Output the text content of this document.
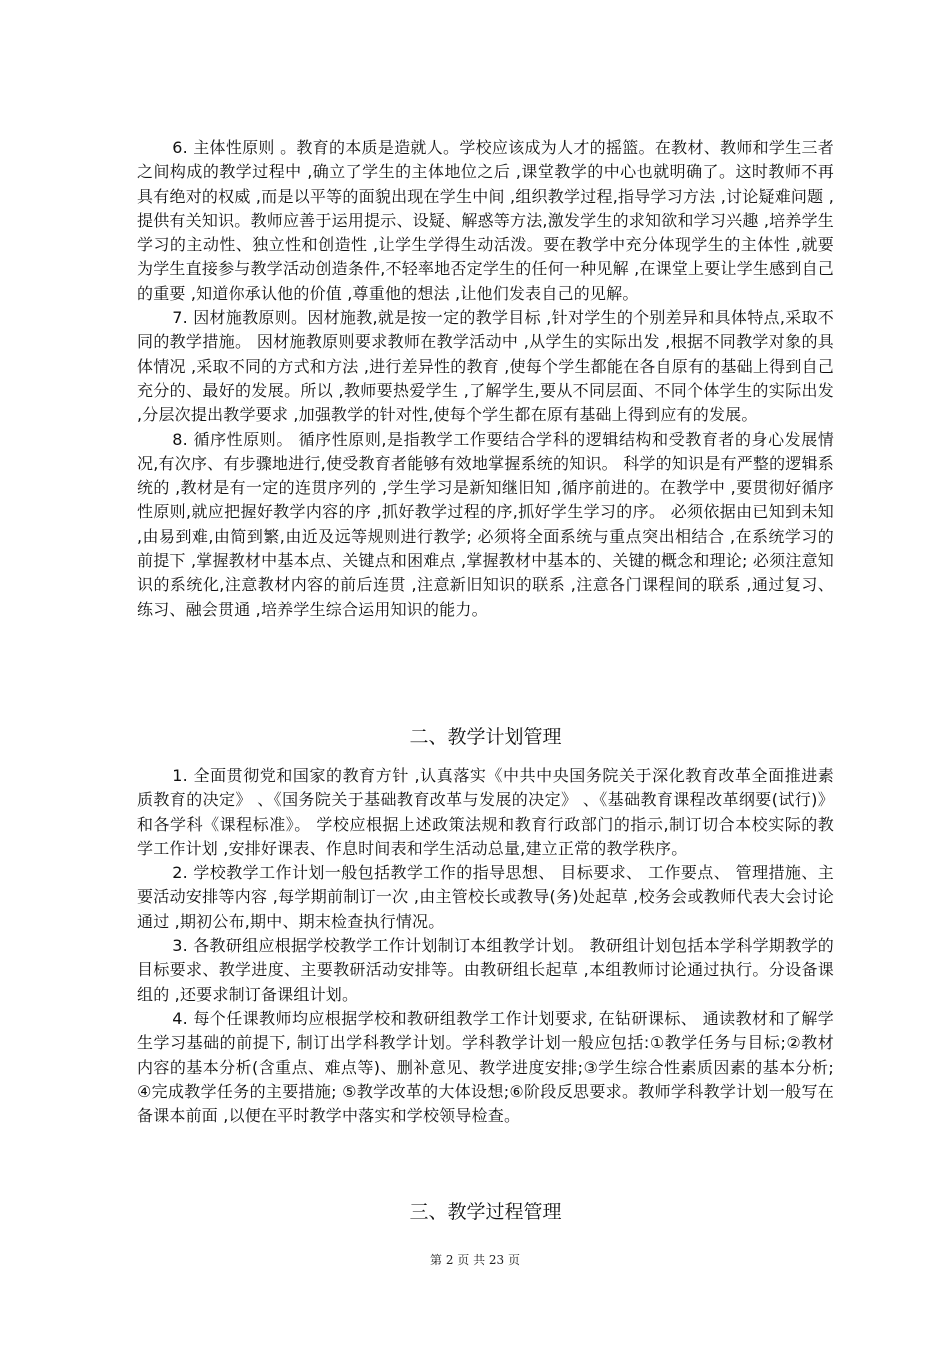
6. 主体性原则 。教育的本质是造就人。学校应该成为人才的摇篮。在教材、教师和学生三者之间构成的教学过程中 ,确立了学生的主体地位之后 ,课堂教学的中心也就明确了。这时教师不再具有绝对的权威 ,而是以平等的面貌出现在学生中间 ,组织教学过程,指导学习方法 ,讨论疑难问题 ,提供有关知识。教师应善于运用提示、设疑、解惑等方法,激发学生的求知欲和学习兴趣 ,培养学生学习的主动性、独立性和创造性 ,让学生学得生动活泼。要在教学中充分体现学生的主体性 ,就要为学生直接参与教学活动创造条件,不轻率地否定学生的任何一种见解 ,在课堂上要让学生感到自己的重要 ,知道你承认他的价值 ,尊重他的想法 ,让他们发表自己的见解。

7. 因材施教原则。因材施教,就是按一定的教学目标 ,针对学生的个别差异和具体特点,采取不同的教学措施。 因材施教原则要求教师在教学活动中 ,从学生的实际出发 ,根据不同教学对象的具体情况 ,采取不同的方式和方法 ,进行差异性的教育 ,使每个学生都能在各自原有的基础上得到自己充分的、最好的发展。所以 ,教师要热爱学生 ,了解学生,要从不同层面、不同个体学生的实际出发 ,分层次提出教学要求 ,加强教学的针对性,使每个学生都在原有基础上得到应有的发展。

8. 循序性原则。 循序性原则,是指教学工作要结合学科的逻辑结构和受教育者的身心发展情况,有次序、有步骤地进行,使受教育者能够有效地掌握系统的知识。 科学的知识是有严整的逻辑系统的 ,教材是有一定的连贯序列的 ,学生学习是新知继旧知 ,循序前进的。在教学中 ,要贯彻好循序性原则,就应把握好教学内容的序 ,抓好教学过程的序,抓好学生学习的序。 必须依据由已知到未知 ,由易到难,由简到繁,由近及远等规则进行教学; 必须将全面系统与重点突出相结合 ,在系统学习的前提下 ,掌握教材中基本点、关键点和困难点 ,掌握教材中基本的、关键的概念和理论; 必须注意知识的系统化,注意教材内容的前后连贯 ,注意新旧知识的联系 ,注意各门课程间的联系 ,通过复习、练习、融会贯通 ,培养学生综合运用知识的能力。

二、教学计划管理

1. 全面贯彻党和国家的教育方针 ,认真落实《中共中央国务院关于深化教育改革全面推进素质教育的决定》 、《国务院关于基础教育改革与发展的决定》 、《基础教育课程改革纲要(试行)》和各学科《课程标准》。 学校应根据上述政策法规和教育行政部门的指示,制订切合本校实际的教学工作计划 ,安排好课表、作息时间表和学生活动总量,建立正常的教学秩序。

2. 学校教学工作计划一般包括教学工作的指导思想、 目标要求、 工作要点、 管理措施、主要活动安排等内容 ,每学期前制订一次 ,由主管校长或教导(务)处起草 ,校务会或教师代表大会讨论通过 ,期初公布,期中、期末检查执行情况。

3. 各教研组应根据学校教学工作计划制订本组教学计划。 教研组计划包括本学科学期教学的目标要求、教学进度、主要教研活动安排等。由教研组长起草 ,本组教师讨论通过执行。分设备课组的 ,还要求制订备课组计划。

4. 每个任课教师均应根据学校和教研组教学工作计划要求, 在钻研课标、 通读教材和了解学生学习基础的前提下, 制订出学科教学计划。学科教学计划一般应包括:①教学任务与目标;②教材内容的基本分析(含重点、难点等)、删补意见、教学进度安排;③学生综合性素质因素的基本分析; ④完成教学任务的主要措施; ⑤教学改革的大体设想;⑥阶段反思要求。教师学科教学计划一般写在备课本前面 ,以便在平时教学中落实和学校领导检查。

三、教学过程管理
第 2 页 共 23 页
